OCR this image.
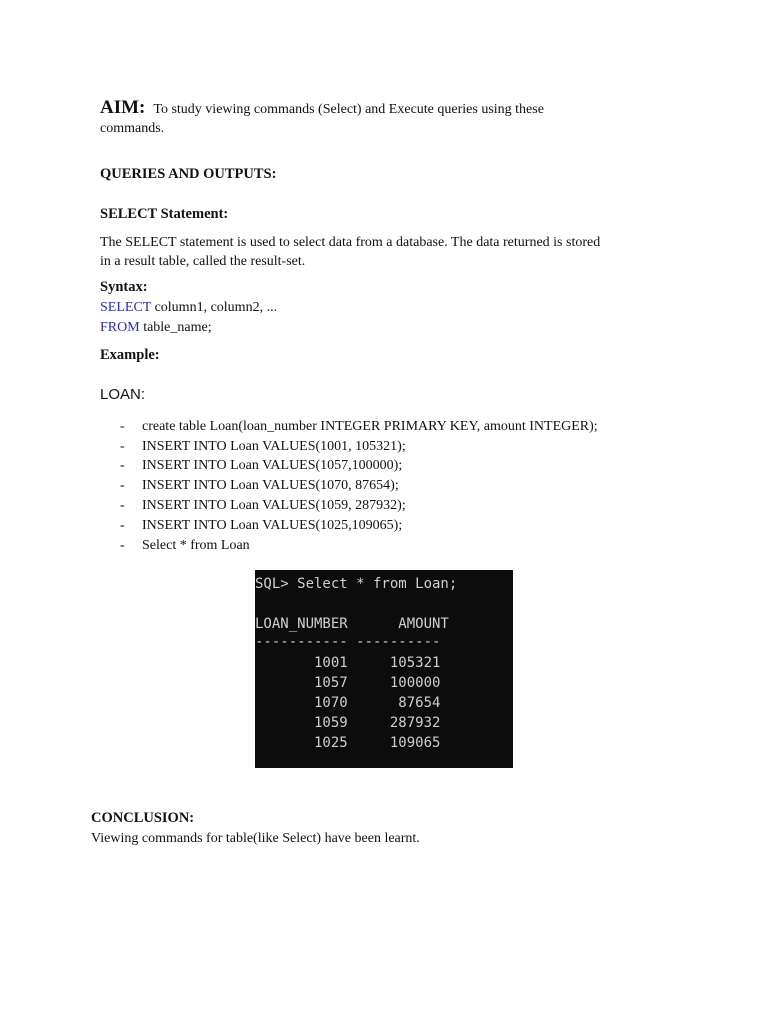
AIM: To study viewing commands (Select) and Execute queries using these
commands.
QUERIES AND OUTPUTS:
SELECT Statement:
The SELECT statement is used to select data from a database. The data returned is stored
in a result table, called the result-set.
Syntax:
SELECT column1, column2, ...
FROM table_name;
Example:
LOAN:
- create table Loan(loan_number INTEGER PRIMARY KEY, amount INTEGER);
- INSERT INTO Loan VALUES(1001, 105321);
- INSERT INTO Loan VALUES(1057,100000);
- INSERT INTO Loan VALUES(1070, 87654);
- INSERT INTO Loan VALUES(1059, 287932);
- INSERT INTO Loan VALUES(1025,109065);
- Select * from Loan
SQL> Select * from Loan;
LOAN_NUMBER      AMOUNT
----------- ----------
1001     105321
1057     100000
1070      87654
1059     287932
1025     109065
CONCLUSION:
Viewing commands for table(like Select) have been learnt.
